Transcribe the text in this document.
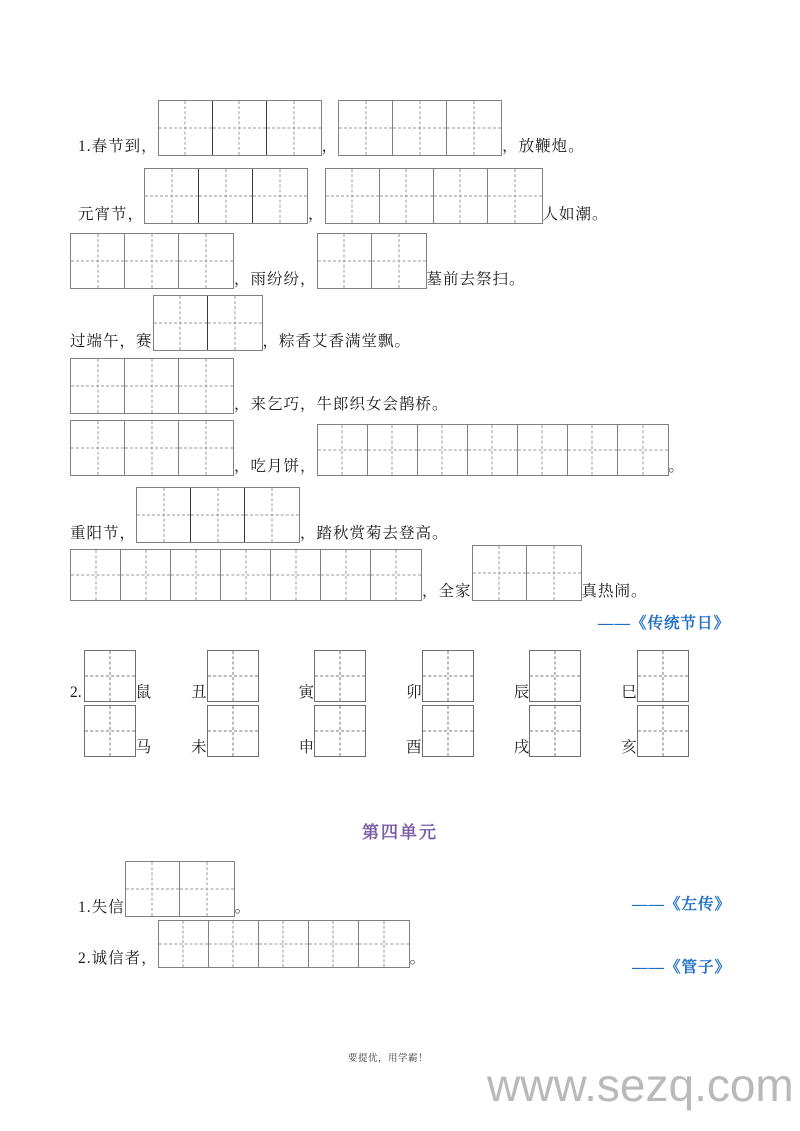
1.春节到，	，	，放鞭炮。
元宵节，	，	人如潮。
，雨纷纷，	墓前去祭扫。
过端午，赛	，粽香艾香满堂飘。
，来乞巧，牛郎织女会鹊桥。
，吃月饼，	。
重阳节，	，踏秋赏菊去登高。
，全家	真热闹。
——《传统节日》
2.	鼠	丑	寅	卯	辰	巳
马	未	申	酉	戌	亥
第四单元
1.失信	。	——《左传》
2.诚信者，	。
——《管子》
要提优，用学霸！
www.sezq.com
